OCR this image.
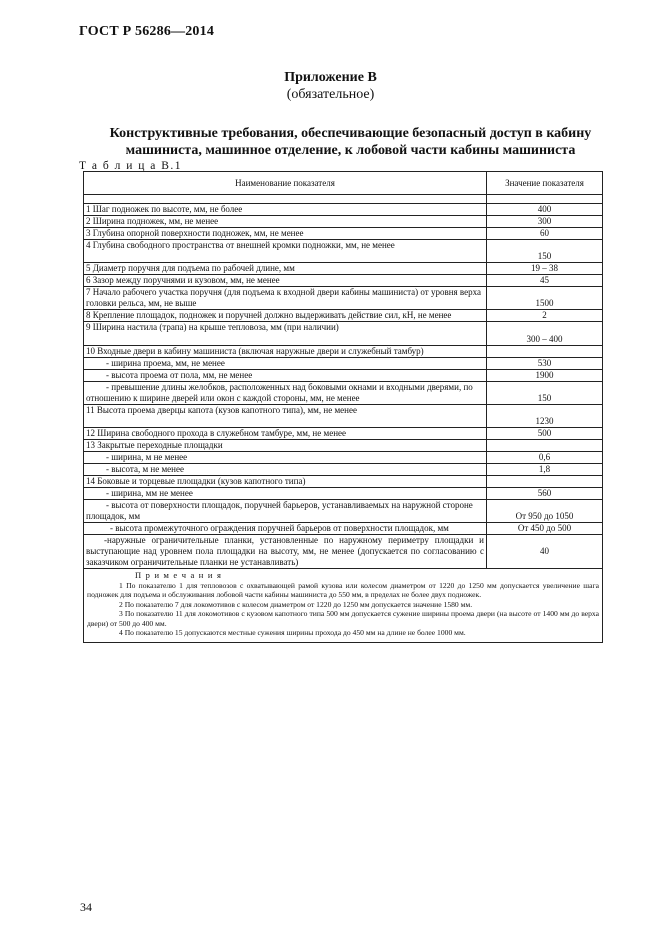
ГОСТ Р 56286—2014
Приложение В
(обязательное)
Конструктивные требования, обеспечивающие безопасный доступ в кабину
машиниста, машинное отделение, к лобовой части кабины машиниста
Т а б л и ц а В.1
Наименование показателя	Значение показателя

1 Шаг подножек по высоте, мм, не более	400
2 Ширина подножек, мм, не менее	300
3 Глубина опорной поверхности подножек, мм, не менее	60
4 Глубина свободного пространства от внешней кромки подножки, мм, не менее	150
5 Диаметр поручня для подъема по рабочей длине, мм	19 – 38
6 Зазор между поручнями и кузовом, мм, не менее	45
7 Начало рабочего участка поручня (для подъема к входной двери кабины машиниста) от уровня верха головки рельса, мм, не выше	1500
8 Крепление площадок, подножек и поручней должно выдерживать действие сил, кН, не менее	2
9 Ширина настила (трапа) на крыше тепловоза, мм (при наличии)	300 – 400
10 Входные двери в кабину машиниста (включая наружные двери и служебный тамбур)	
- ширина проема, мм, не менее	530
- высота проема от пола, мм, не менее	1900

- превышение длины желобков, расположенных над боковыми окнами и входными дверями, по отношению к ширине дверей или окон с каждой стороны, мм, не менее	150
11 Высота проема дверцы капота (кузов капотного типа), мм, не менее	1230
12 Ширина свободного прохода в служебном тамбуре, мм, не менее	500
13 Закрытые переходные площадки	
- ширина, м не менее	0,6
- высота, м не менее	1,8
14 Боковые и торцевые площадки (кузов капотного типа)	
- ширина, мм не менее	560

- высота от поверхности площадок, поручней барьеров, устанавливаемых на наружной стороне площадок, мм	От 950 до 1050

- высота промежуточного ограждения поручней барьеров от поверхности площадок, мм	От 450 до 500

-наружные ограничительные планки, установленные по наружному периметру площадки и выступающие над уровнем пола площадки на высоту, мм, не менее (допускается по согласованию с заказчиком ограничительные планки не устанавливать)	40

П р и м е ч а н и я

1 По показателю 1 для тепловозов с охватывающей рамой кузова или колесом диаметром от 1220 до 1250 мм допускается увеличение шага подножек для подъема и обслуживания лобовой части кабины машиниста до 550 мм, в пределах не более двух подножек.

2 По показателю 7 для локомотивов с колесом диаметром от 1220 до 1250 мм допускается значение 1580 мм.

3 По показателю 11 для локомотивов с кузовом капотного типа 500 мм допускается сужение ширины проема двери (на высоте от 1400 мм до верха двери) от 500 до 400 мм.

4 По показателю 15 допускаются местные сужения ширины прохода до 450 мм на длине не более 1000 мм.	

34
